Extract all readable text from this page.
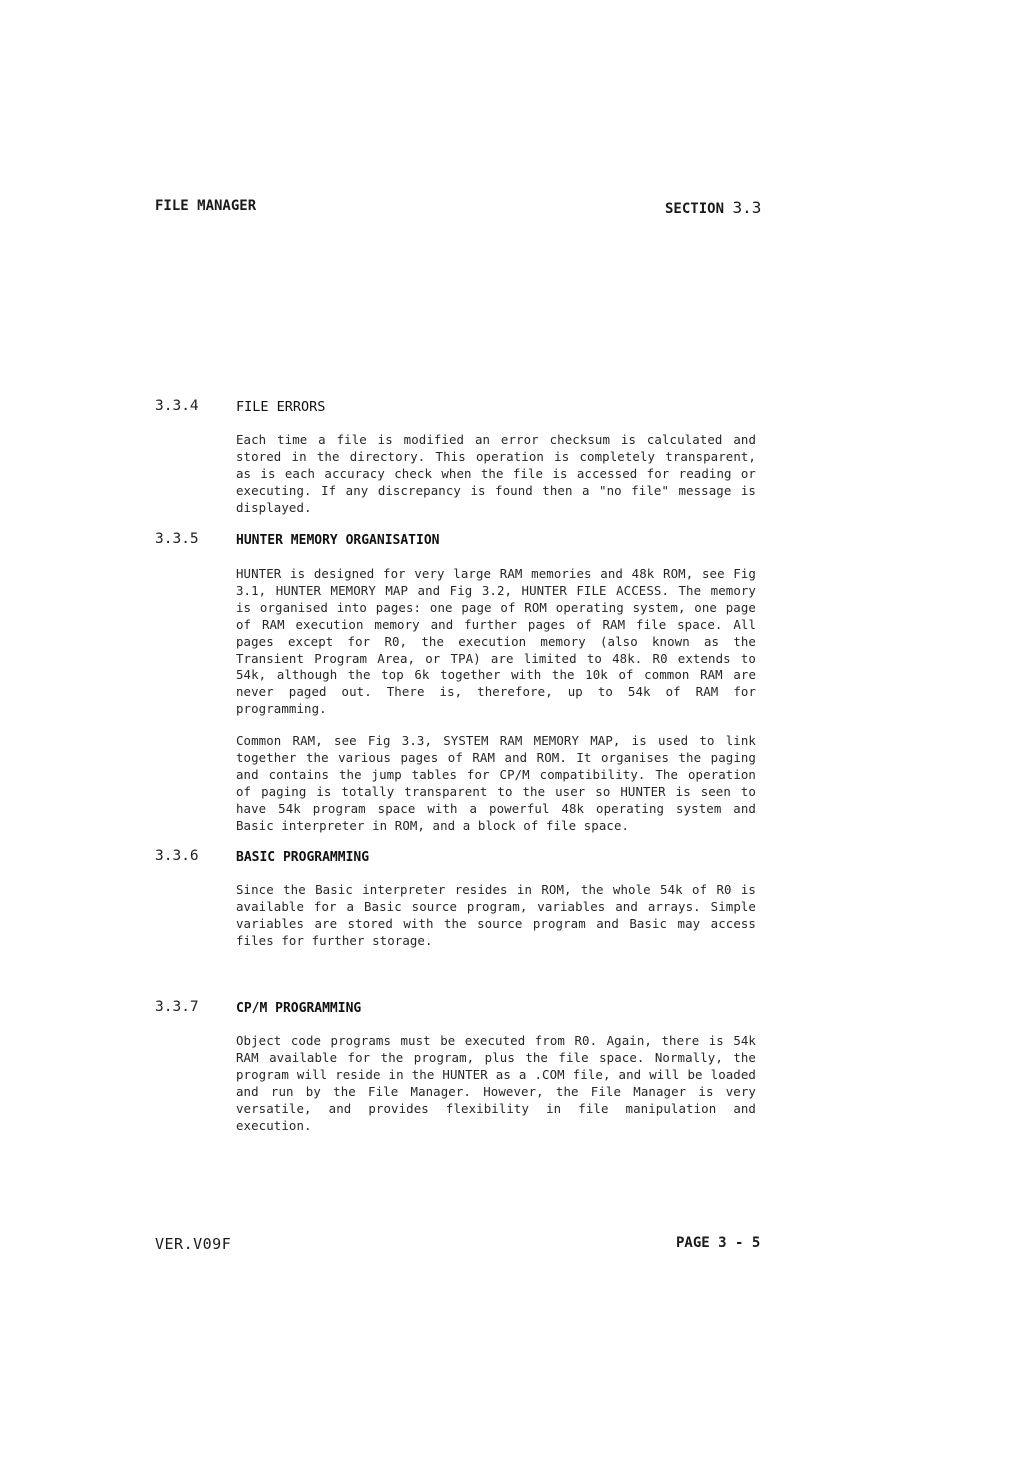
FILE MANAGER	SECTION 3.3
3.3.4	FILE ERRORS

Each time a file is modified an error checksum is calculated and stored in the directory. This operation is completely transparent, as is each accuracy check when the file is accessed for reading or executing. If any discrepancy is found then a "no file" message is displayed.

3.3.5	HUNTER MEMORY ORGANISATION

HUNTER is designed for very large RAM memories and 48k ROM, see Fig 3.1, HUNTER MEMORY MAP and Fig 3.2, HUNTER FILE ACCESS. The memory is organised into pages: one page of ROM operating system, one page of RAM execution memory and further pages of RAM file space. All pages except for R0, the execution memory (also known as the Transient Program Area, or TPA) are limited to 48k. R0 extends to 54k, although the top 6k together with the 10k of common RAM are never paged out. There is, therefore, up to 54k of RAM for programming.

Common RAM, see Fig 3.3, SYSTEM RAM MEMORY MAP, is used to link together the various pages of RAM and ROM. It organises the paging and contains the jump tables for CP/M compatibility. The operation of paging is totally transparent to the user so HUNTER is seen to have 54k program space with a powerful 48k operating system and Basic interpreter in ROM, and a block of file space.

3.3.6	BASIC PROGRAMMING

Since the Basic interpreter resides in ROM, the whole 54k of R0 is available for a Basic source program, variables and arrays. Simple variables are stored with the source program and Basic may access files for further storage.

3.3.7	CP/M PROGRAMMING

Object code programs must be executed from R0. Again, there is 54k RAM available for the program, plus the file space. Normally, the program will reside in the HUNTER as a .COM file, and will be loaded and run by the File Manager. However, the File Manager is very versatile, and provides flexibility in file manipulation and execution.

VER.V09F	PAGE 3 - 5
